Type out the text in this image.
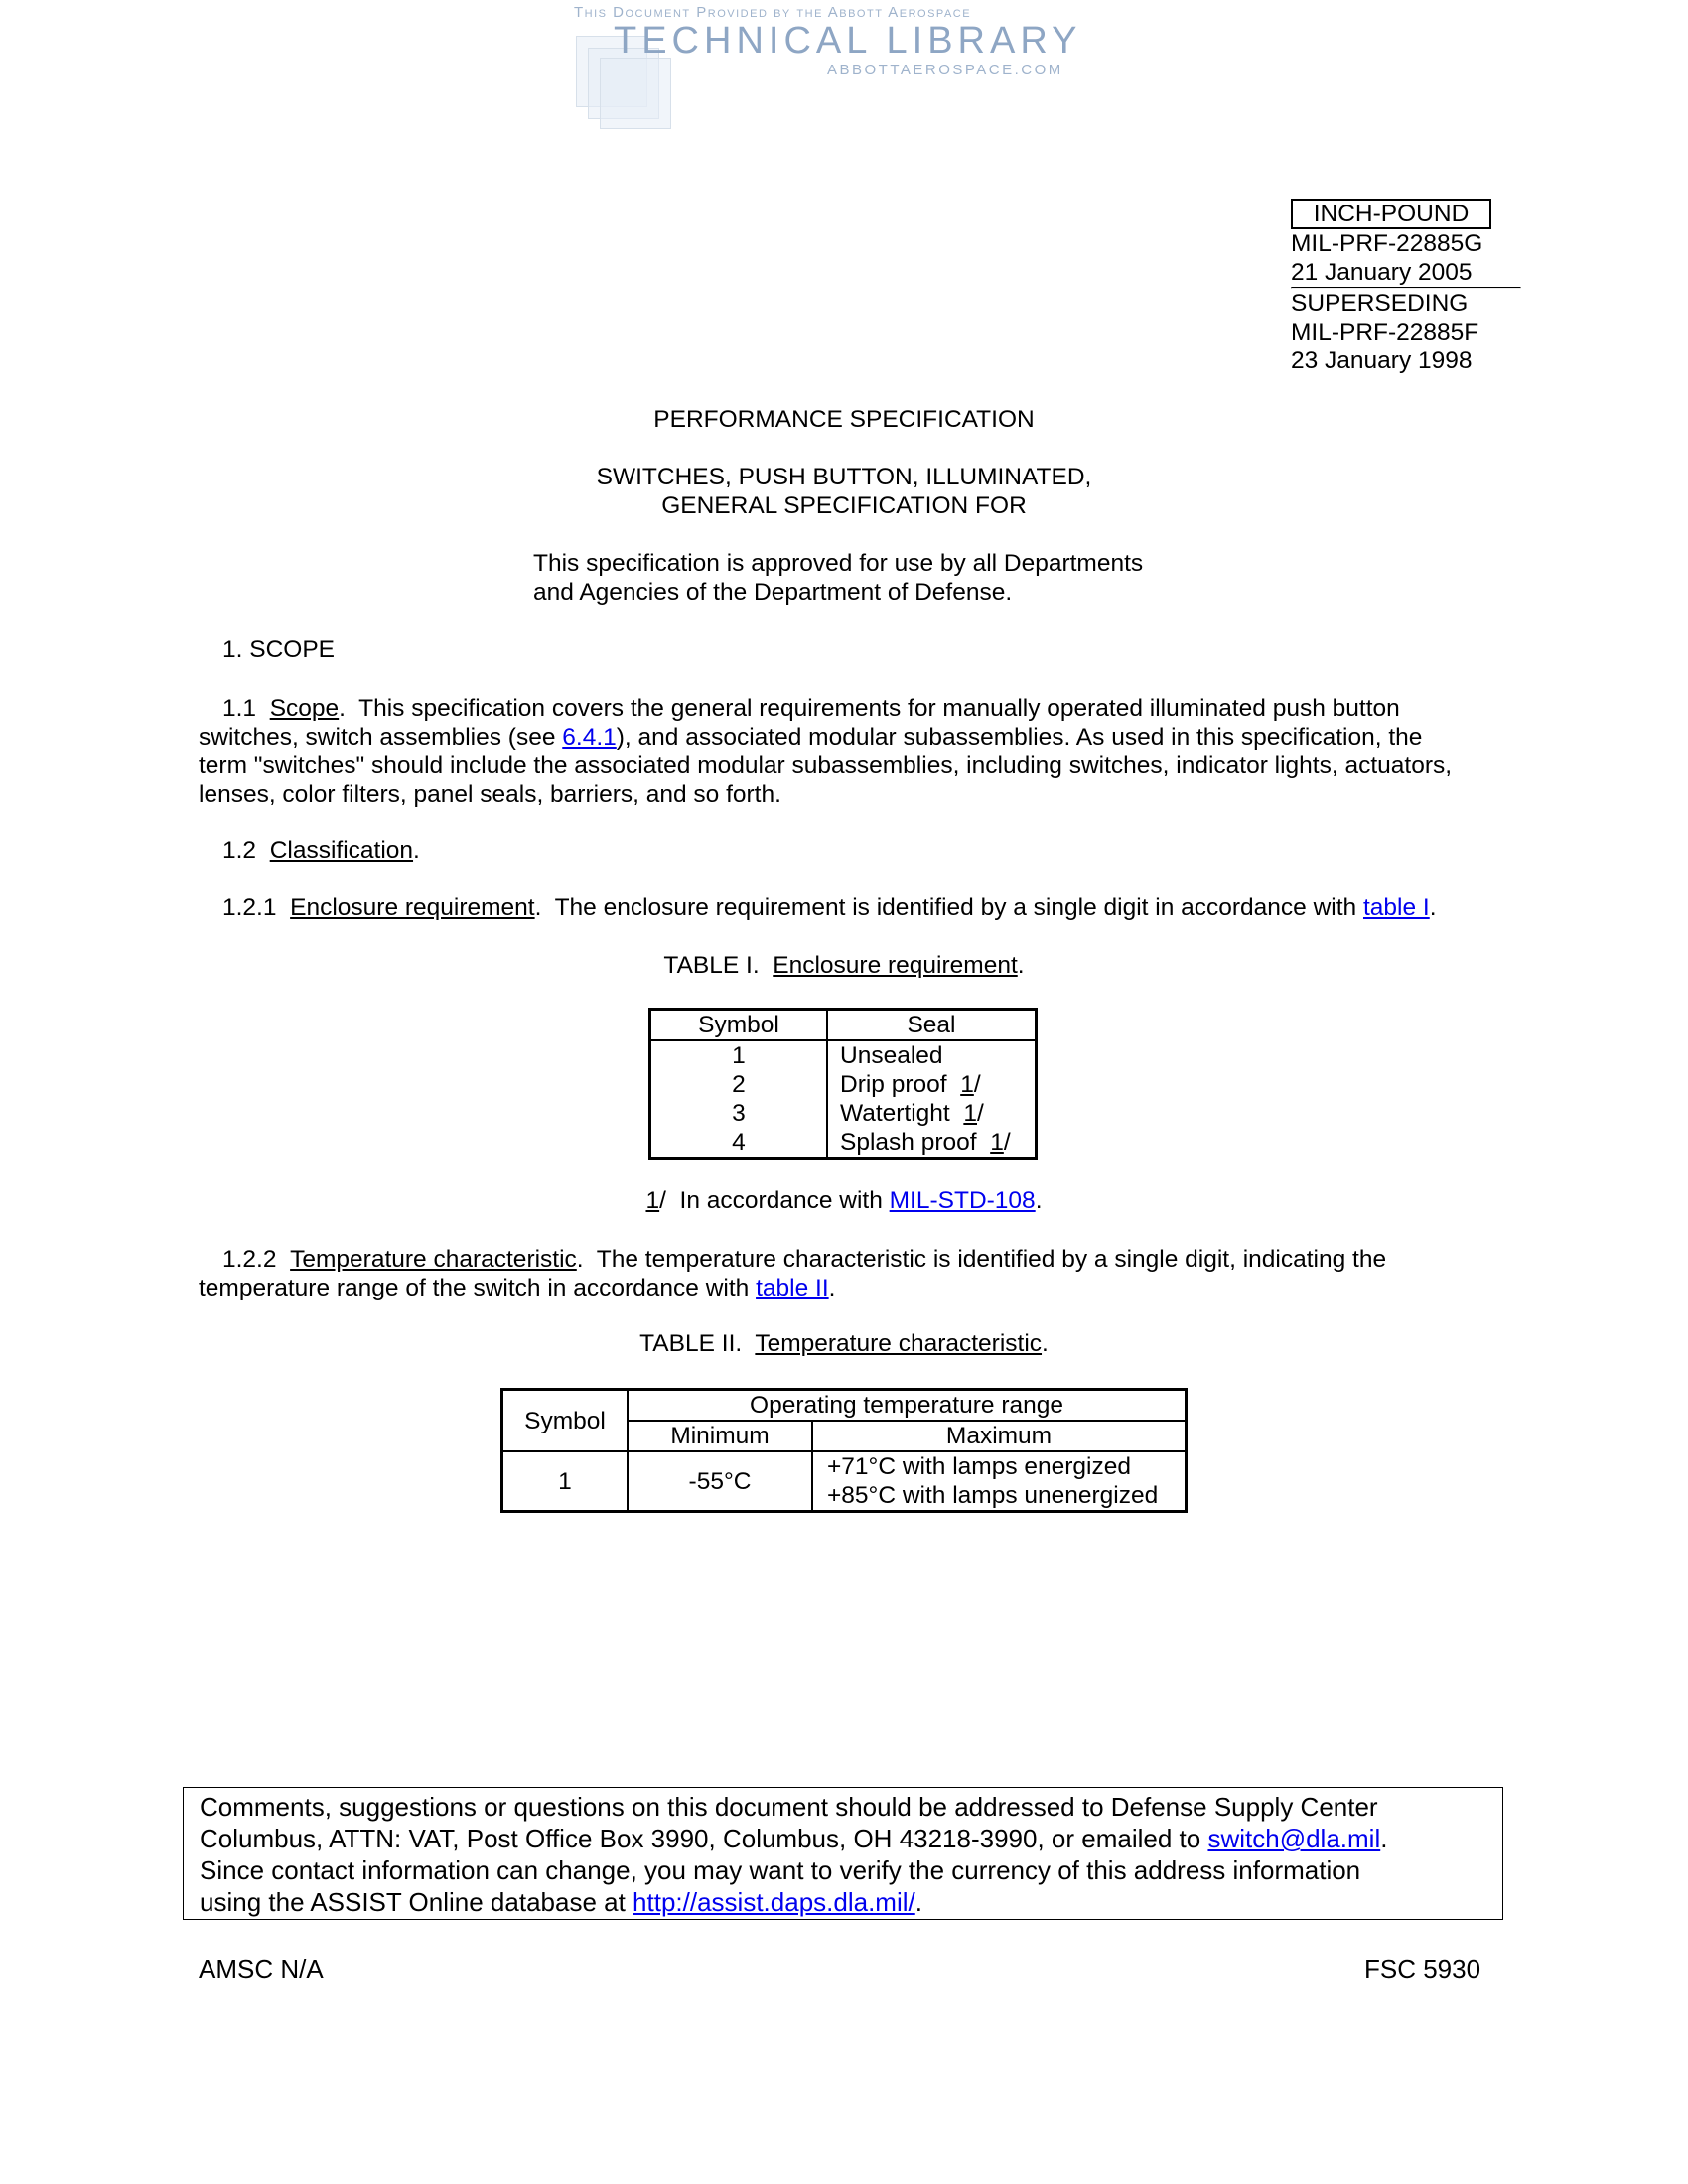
This Document Provided by the Abbott Aerospace
TECHNICAL LIBRARY
ABBOTTAEROSPACE.COM
INCH-POUND
MIL-PRF-22885G
21 January 2005
SUPERSEDING
MIL-PRF-22885F
23 January 1998
PERFORMANCE SPECIFICATION
SWITCHES, PUSH BUTTON, ILLUMINATED,
GENERAL SPECIFICATION FOR
This specification is approved for use by all Departments
and Agencies of the Department of Defense.
1. SCOPE
1.1 Scope.  This specification covers the general requirements for manually operated illuminated push button
switches, switch assemblies (see 6.4.1), and associated modular subassemblies. As used in this specification, the
term "switches" should include the associated modular subassemblies, including switches, indicator lights, actuators,
lenses, color filters, panel seals, barriers, and so forth.
1.2 Classification.
1.2.1 Enclosure requirement.  The enclosure requirement is identified by a single digit in accordance with table I.
TABLE I.  Enclosure requirement.
Symbol	Seal
1	Unsealed
2	Drip proof  1/
3	Watertight  1/
4	Splash proof  1/
1/  In accordance with MIL-STD-108.
1.2.2 Temperature characteristic.  The temperature characteristic is identified by a single digit, indicating the
temperature range of the switch in accordance with table II.
TABLE II.  Temperature characteristic.
Symbol	Operating temperature range	
	Minimum	Maximum
1	-55°C	+71°C with lamps energized
+85°C with lamps unenergized
Comments, suggestions or questions on this document should be addressed to Defense Supply Center
Columbus, ATTN: VAT, Post Office Box 3990, Columbus, OH 43218-3990, or emailed to switch@dla.mil.
Since contact information can change, you may want to verify the currency of this address information
using the ASSIST Online database at http://assist.daps.dla.mil/.
AMSC N/A	FSC 5930
